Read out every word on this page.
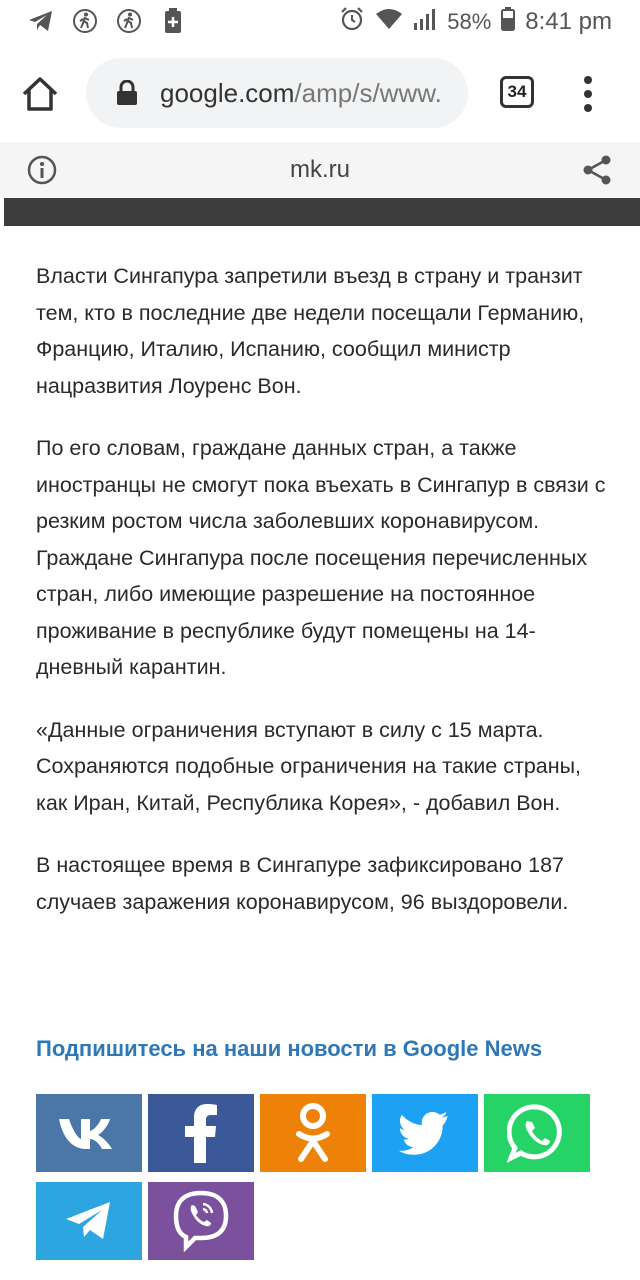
58% 8:41 pm
google.com/amp/s/www.	34
mk.ru

Власти Сингапура запретили въезд в страну и транзит тем, кто в последние две недели посещали Германию, Францию, Италию, Испанию, сообщил министр нацразвития Лоуренс Вон.

По его словам, граждане данных стран, а также иностранцы не смогут пока въехать в Сингапур в связи с резким ростом числа заболевших коронавирусом. Граждане Сингапура после посещения перечисленных стран, либо имеющие разрешение на постоянное проживание в республике будут помещены на 14-дневный карантин.

«Данные ограничения вступают в силу с 15 марта. Сохраняются подобные ограничения на такие страны, как Иран, Китай, Республика Корея», - добавил Вон.

В настоящее время в Сингапуре зафиксировано 187 случаев заражения коронавирусом, 96 выздоровели.

Подпишитесь на наши новости в Google News
